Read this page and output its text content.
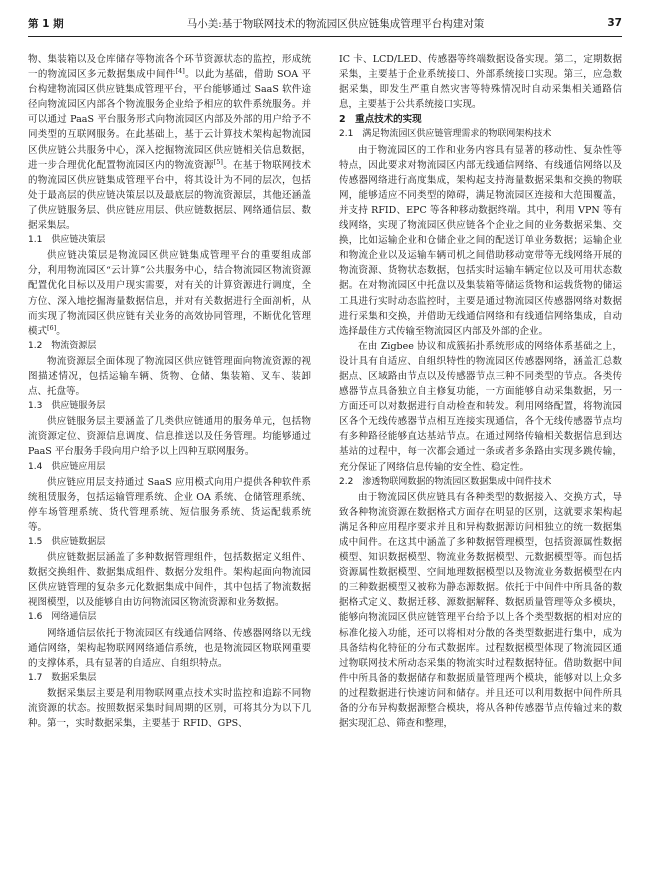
第 1 期	马小美:基于物联网技术的物流园区供应链集成管理平台构建对策	37

物、集装箱以及仓库储存等物流各个环节资源状态的监控，形成统一的物流园区多元数据集成中间件[4]。以此为基础，借助 SOA 平台构建物流园区供应链集成管理平台，平台能够通过 SaaS 软件途径向物流园区内部各个物流服务企业给予相应的软件系统服务。并可以通过 PaaS 平台服务形式向物流园区内部及外部的用户给予不同类型的互联网服务。在此基础上，基于云计算技术架构起物流园区供应链公共服务中心，深入挖掘物流园区供应链相关信息数据，进一步合理优化配置物流园区内的物流资源[5]。在基于物联网技术的物流园区供应链集成管理平台中，将其设计为不同的层次，包括处于最高层的供应链决策层以及最底层的物流资源层，其他还涵盖了供应链服务层、供应链应用层、供应链数据层、网络通信层、数据采集层。

1.1　供应链决策层

供应链决策层是物流园区供应链集成管理平台的重要组成部分，利用物流园区“云计算”公共服务中心，结合物流园区物流资源配置优化目标以及用户现实需要，对有关的计算资源进行调度，全方位、深入地挖掘海量数据信息，并对有关数据进行全面剖析，从而实现了物流园区供应链有关业务的高效协同管理，不断优化管理模式[6]。

1.2　物流资源层

物流资源层全面体现了物流园区供应链管理面向物流资源的视图描述情况，包括运输车辆、货物、仓储、集装箱、叉车、装卸点、托盘等。

1.3　供应链服务层

供应链服务层主要涵盖了几类供应链通用的服务单元，包括物流资源定位、资源信息调度、信息推送以及任务管理。均能够通过 PaaS 平台服务手段向用户给予以上四种互联网服务。

1.4　供应链应用层

供应链应用层支持通过 SaaS 应用模式向用户提供各种软件系统租赁服务，包括运输管理系统、企业 OA 系统、仓储管理系统、停车场管理系统、货代管理系统、短信服务系统、货运配载系统等。

1.5　供应链数据层

供应链数据层涵盖了多种数据管理组件，包括数据定义组件、数据交换组件、数据集成组件、数据分发组件。架构起面向物流园区供应链管理的复杂多元化数据集成中间件，其中包括了物流数据视图模型，以及能够自由访问物流园区物流资源和业务数据。

1.6　网络通信层

网络通信层依托于物流园区有线通信网络、传感器网络以无线通信网络，架构起物联网网络通信系统，也是物流园区物联网重要的支撑体系，具有显著的自适应、自组织特点。

1.7　数据采集层

数据采集层主要是利用物联网重点技术实时监控和追踪不同物流资源的状态。按照数据采集时间周期的区别，可将其分为以下几种。第一，实时数据采集，主要基于 RFID、GPS、

IC 卡、LCD/LED、传感器等终端数据设备实现。第二，定期数据采集，主要基于企业系统接口、外部系统接口实现。第三，应急数据采集，即发生严重自然灾害等特殊情况时自动采集相关通路信息，主要基于公共系统接口实现。

2　重点技术的实现
2.1　满足物流园区供应链管理需求的物联网架构技术

由于物流园区的工作和业务内容具有显著的移动性、复杂性等特点，因此要求对物流园区内部无线通信网络、有线通信网络以及传感器网络进行高度集成，架构起支持海量数据采集和交换的物联网，能够适应不同类型的障碍，满足物流园区连接和大范围覆盖，并支持 RFID、EPC 等各种移动数据终端。其中，利用 VPN 等有线网络，实现了物流园区供应链各个企业之间的业务数据采集、交换，比如运输企业和仓储企业之间的配送订单业务数据；运输企业和物流企业以及运输车辆司机之间借助移动宽带等无线网络开展的物流资源、货物状态数据，包括实时运输车辆定位以及可用状态数据。在对物流园区中托盘以及集装箱等储运货物和运载货物的储运工具进行实时动态监控时，主要是通过物流园区传感器网络对数据进行采集和交换，并借助无线通信网络和有线通信网络集成，自动选择最佳方式传输至物流园区内部及外部的企业。

在由 Zigbee 协议和成簇拓扑系统形成的网络体系基础之上，设计具有自适应、自组织特性的物流园区传感器网络，涵盖汇总数据点、区域路由节点以及传感器节点三种不同类型的节点。各类传感器节点具备独立自主修复功能，一方面能够自动采集数据，另一方面还可以对数据进行自动检查和转发。利用网络配置，将物流园区各个无线传感器节点相互连接实现通信，各个无线传感器节点均有多种路径能够直达基站节点。在通过网络传输相关数据信息到达基站的过程中，每一次都会通过一条或者多条路由实现多跳传输，充分保证了网络信息传输的安全性、稳定性。

2.2　渗透物联网数据的物流园区数据集成中间件技术

由于物流园区供应链具有各种类型的数据接入、交换方式，导致各种物流资源在数据格式方面存在明显的区别，这就要求架构起满足各种应用程序要求并且和异构数据源访问相独立的统一数据集成中间件。在这其中涵盖了多种数据管理模型，包括资源属性数据模型、知识数据模型、物流业务数据模型、元数据模型等。而包括资源属性数据模型、空间地理数据模型以及物流业务数据模型在内的三种数据模型又被称为静态源数据。依托于中间件中所具备的数据格式定义、数据迁移、源数据解释、数据质量管理等众多模块，能够向物流园区供应链管理平台给予以上各个类型数据的相对应的标准化接入功能，还可以将相对分散的各类型数据进行集中，成为具备结构化特征的分布式数据库。过程数据模型体现了物流园区通过物联网技术所动态采集的物流实时过程数据特征。借助数据中间件中所具备的数据储存和数据质量管理两个模块，能够对以上众多的过程数据进行快速访问和储存。并且还可以利用数据中间件所具备的分布异构数据源整合模块，将从各种传感器节点传输过来的数据实现汇总、筛查和整理，
